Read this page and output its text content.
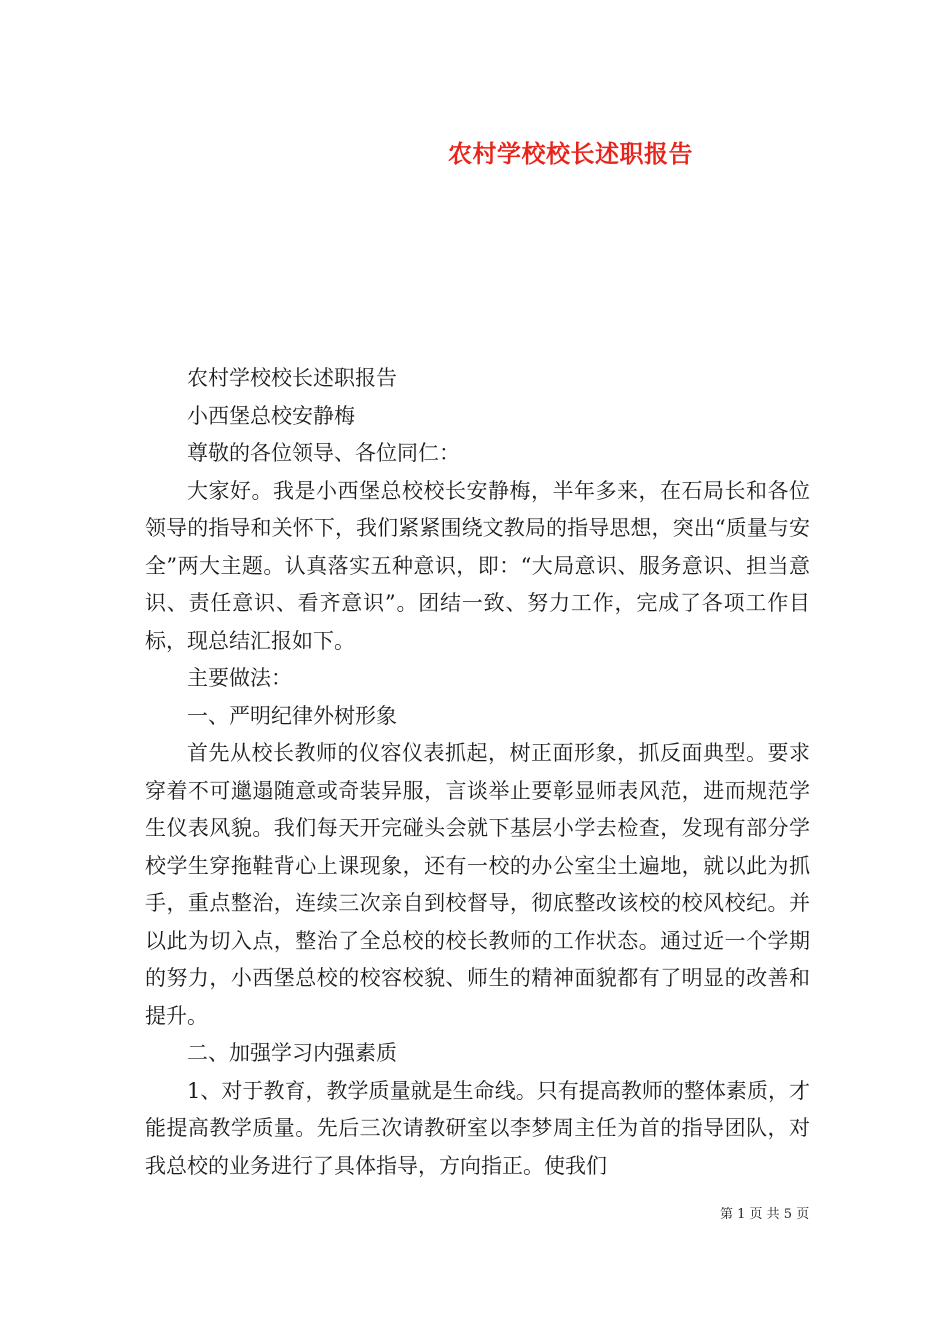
农村学校校长述职报告

农村学校校长述职报告

小西堡总校安静梅

尊敬的各位领导、各位同仁：

大家好。我是小西堡总校校长安静梅，半年多来，在石局长和各位领导的指导和关怀下，我们紧紧围绕文教局的指导思想，突出“质量与安全”两大主题。认真落实五种意识，即：“大局意识、服务意识、担当意识、责任意识、看齐意识”。团结一致、努力工作，完成了各项工作目标，现总结汇报如下。

主要做法：

一、严明纪律外树形象

首先从校长教师的仪容仪表抓起，树正面形象，抓反面典型。要求穿着不可邋遢随意或奇装异服，言谈举止要彰显师表风范，进而规范学生仪表风貌。我们每天开完碰头会就下基层小学去检查，发现有部分学校学生穿拖鞋背心上课现象，还有一校的办公室尘土遍地，就以此为抓手，重点整治，连续三次亲自到校督导，彻底整改该校的校风校纪。并以此为切入点，整治了全总校的校长教师的工作状态。通过近一个学期的努力，小西堡总校的校容校貌、师生的精神面貌都有了明显的改善和提升。

二、加强学习内强素质

1、对于教育，教学质量就是生命线。只有提高教师的整体素质，才能提高教学质量。先后三次请教研室以李梦周主任为首的指导团队，对我总校的业务进行了具体指导，方向指正。使我们

第 1 页 共 5 页
